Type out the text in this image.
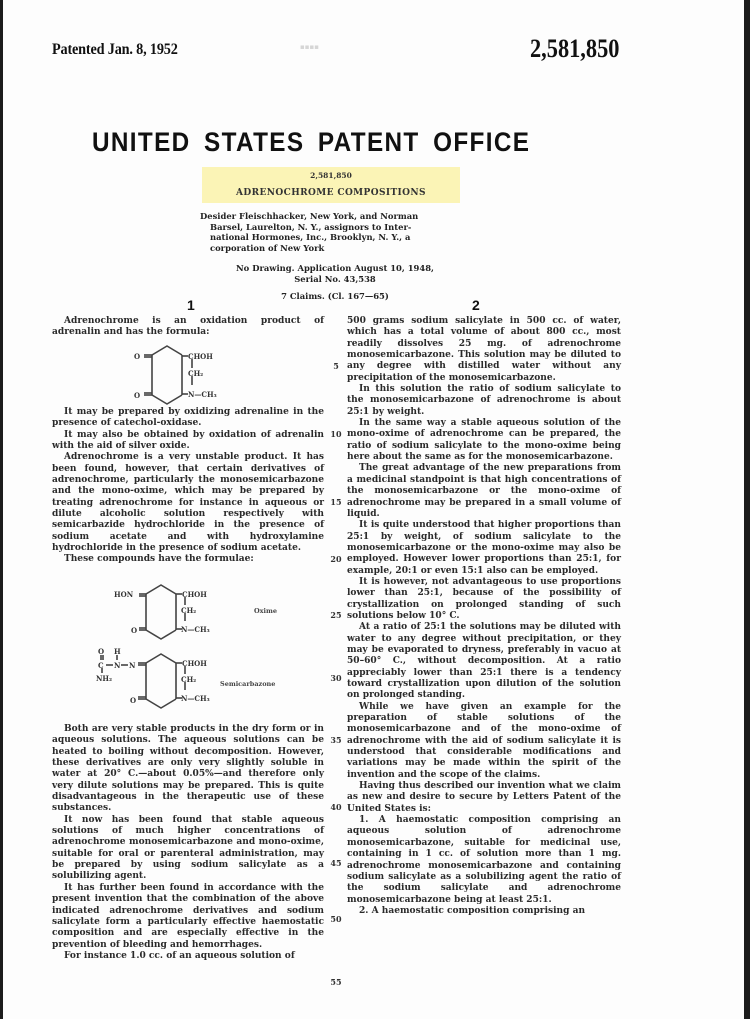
▪▪▪▪
Patented Jan. 8, 1952	2,581,850
UNITED STATES PATENT OFFICE
2,581,850
ADRENOCHROME COMPOSITIONS
Desider Fleischhacker, New York, and Norman
Barsel, Laurelton, N. Y., assignors to Inter-
national Hormones, Inc., Brooklyn, N. Y., a
corporation of New York
No Drawing. Application August 10, 1948,
Serial No. 43,538
7 Claims. (Cl. 167—65)
1	2

Adrenochrome is an oxidation product of adrenalin and has the formula:

O
O
CHOH
CH₂
N—CH₃

It may be prepared by oxidizing adrenaline in the presence of catechol-oxidase.

It may also be obtained by oxidation of adrenalin with the aid of silver oxide.

Adrenochrome is a very unstable product. It has been found, however, that certain derivatives of adrenochrome, particularly the monosemicarbazone and the mono-oxime, which may be prepared by treating adrenochrome for instance in aqueous or dilute alcoholic solution respectively with semicarbazide hydrochloride in the presence of sodium acetate and with hydroxylamine hydrochloride in the presence of sodium acetate.

These compounds have the formulae:

HON
O
CHOH
CH₂
N—CH₃
Oxime
O H
C N N
NH₂
O
CHOH
CH₂
N—CH₃
Semicarbazone

Both are very stable products in the dry form or in aqueous solutions. The aqueous solutions can be heated to boiling without decomposition. However, these derivatives are only very slightly soluble in water at 20° C.—about 0.05%—and therefore only very dilute solutions may be prepared. This is quite disadvantageous in the therapeutic use of these substances.

It now has been found that stable aqueous solutions of much higher concentrations of adrenochrome monosemicarbazone and mono-oxime, suitable for oral or parenteral administration, may be prepared by using sodium salicylate as a solubilizing agent.

It has further been found in accordance with the present invention that the combination of the above indicated adrenochrome derivatives and sodium salicylate form a particularly effective haemostatic composition and are especially effective in the prevention of bleeding and hemorrhages.

For instance 1.0 cc. of an aqueous solution of

500 grams sodium salicylate in 500 cc. of water, which has a total volume of about 800 cc., most readily dissolves 25 mg. of adrenochrome monosemicarbazone. This solution may be diluted to any degree with distilled water without any precipitation of the monosemicarbazone.

In this solution the ratio of sodium salicylate to the monosemicarbazone of adrenochrome is about 25:1 by weight.

In the same way a stable aqueous solution of the mono-oxime of adrenochrome can be prepared, the ratio of sodium salicylate to the mono-oxime being here about the same as for the monosemicarbazone.

The great advantage of the new preparations from a medicinal standpoint is that high concentrations of the monosemicarbazone or the mono-oxime of adrenochrome may be prepared in a small volume of liquid.

It is quite understood that higher proportions than 25:1 by weight, of sodium salicylate to the monosemicarbazone or the mono-oxime may also be employed. However lower proportions than 25:1, for example, 20:1 or even 15:1 also can be employed.

It is however, not advantageous to use proportions lower than 25:1, because of the possibility of crystallization on prolonged standing of such solutions below 10° C.

At a ratio of 25:1 the solutions may be diluted with water to any degree without precipitation, or they may be evaporated to dryness, preferably in vacuo at 50–60° C., without decomposition. At a ratio appreciably lower than 25:1 there is a tendency toward crystallization upon dilution of the solution on prolonged standing.

While we have given an example for the preparation of stable solutions of the monosemicarbazone and of the mono-oxime of adrenochrome with the aid of sodium salicylate it is understood that considerable modifications and variations may be made within the spirit of the invention and the scope of the claims.

Having thus described our invention what we claim as new and desire to secure by Letters Patent of the United States is:

1. A haemostatic composition comprising an aqueous solution of adrenochrome monosemicarbazone, suitable for medicinal use, containing in 1 cc. of solution more than 1 mg. adrenochrome monosemicarbazone and containing sodium salicylate as a solubilizing agent the ratio of the sodium salicylate and adrenochrome monosemicarbazone being at least 25:1.

2. A haemostatic composition comprising an

5
10
15
20
25
30
35
40
45
50
55
